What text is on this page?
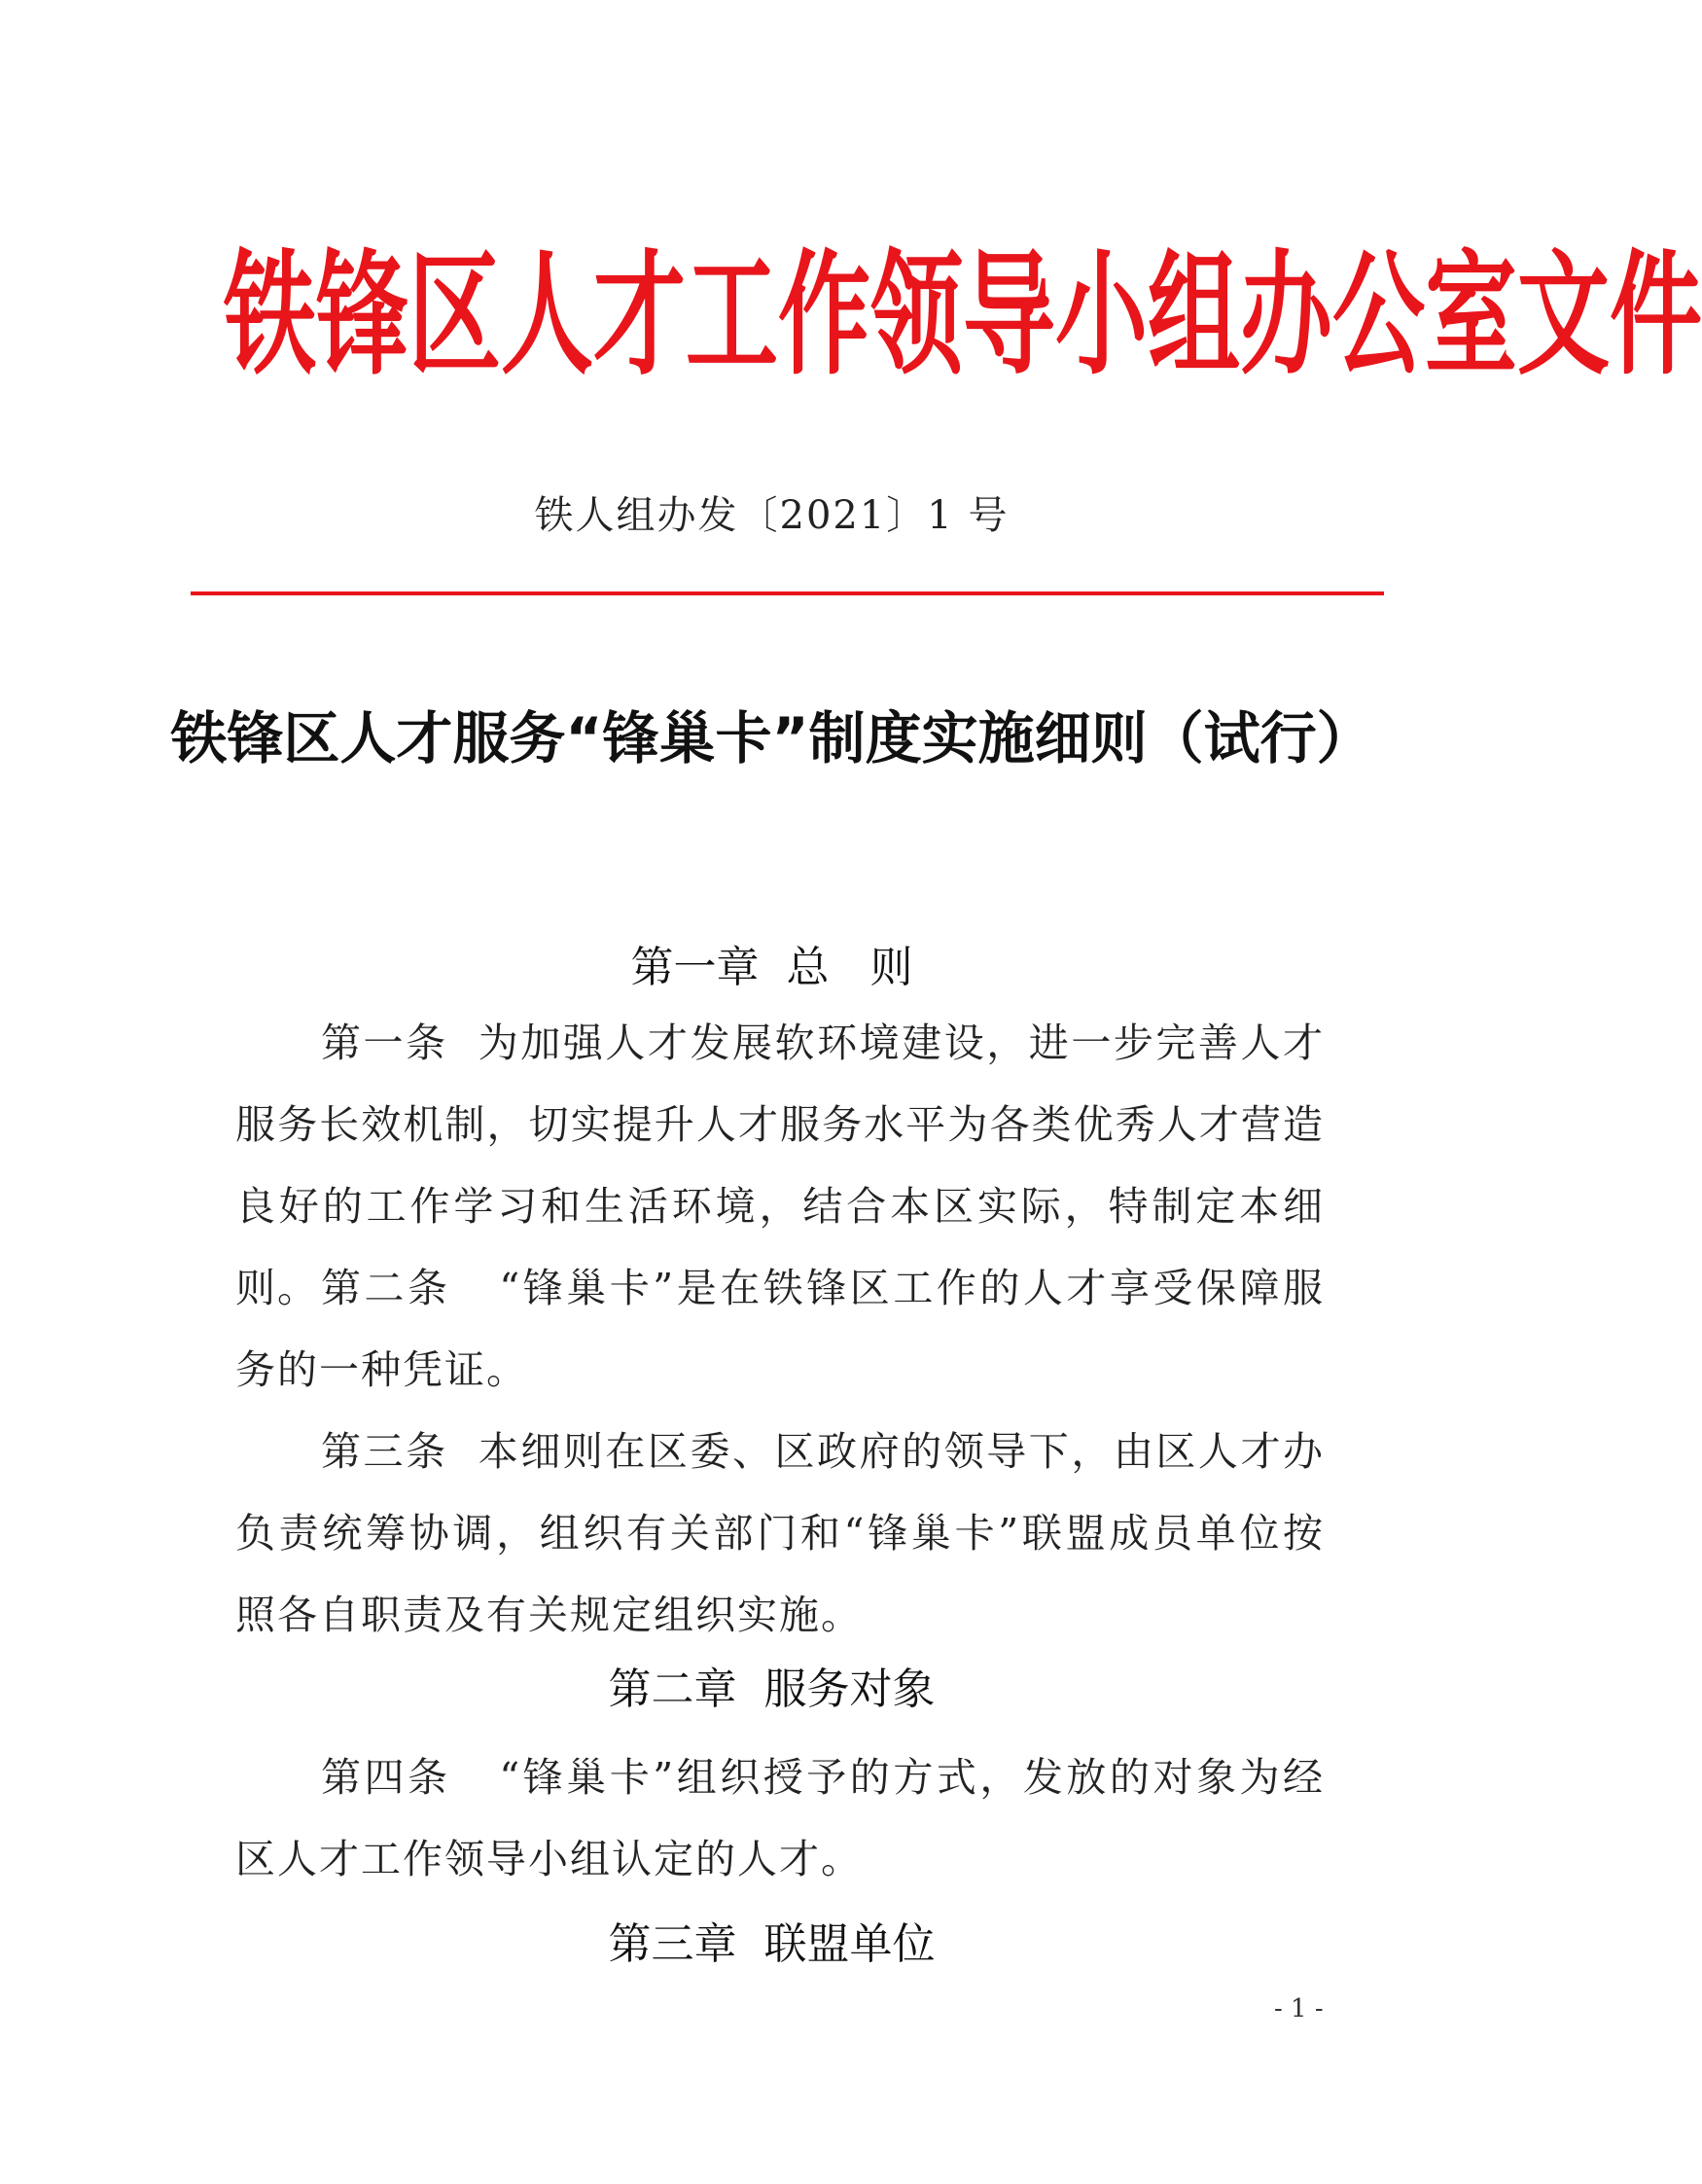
铁锋区人才工作领导小组办公室文件
铁人组办发〔2021〕1 号
铁锋区人才服务“锋巢卡”制度实施细则（试行）
第一章  总   则
第一条 为加强人才发展软环境建设，进一步完善人才服务长效机制，切实提升人才服务水平为各类优秀人才营造良好的工作学习和生活环境，结合本区实际，特制定本细则。 第二条 “锋巢卡”是在铁锋区工作的人才享受保障服务的一种凭证。
第三条 本细则在区委、区政府的领导下，由区人才办负责统筹协调，组织有关部门和“锋巢卡”联盟成员单位按照各自职责及有关规定组织实施。
第二章  服务对象
第四条 “锋巢卡”组织授予的方式，发放的对象为经区人才工作领导小组认定的人才。
第三章  联盟单位
- 1 -
